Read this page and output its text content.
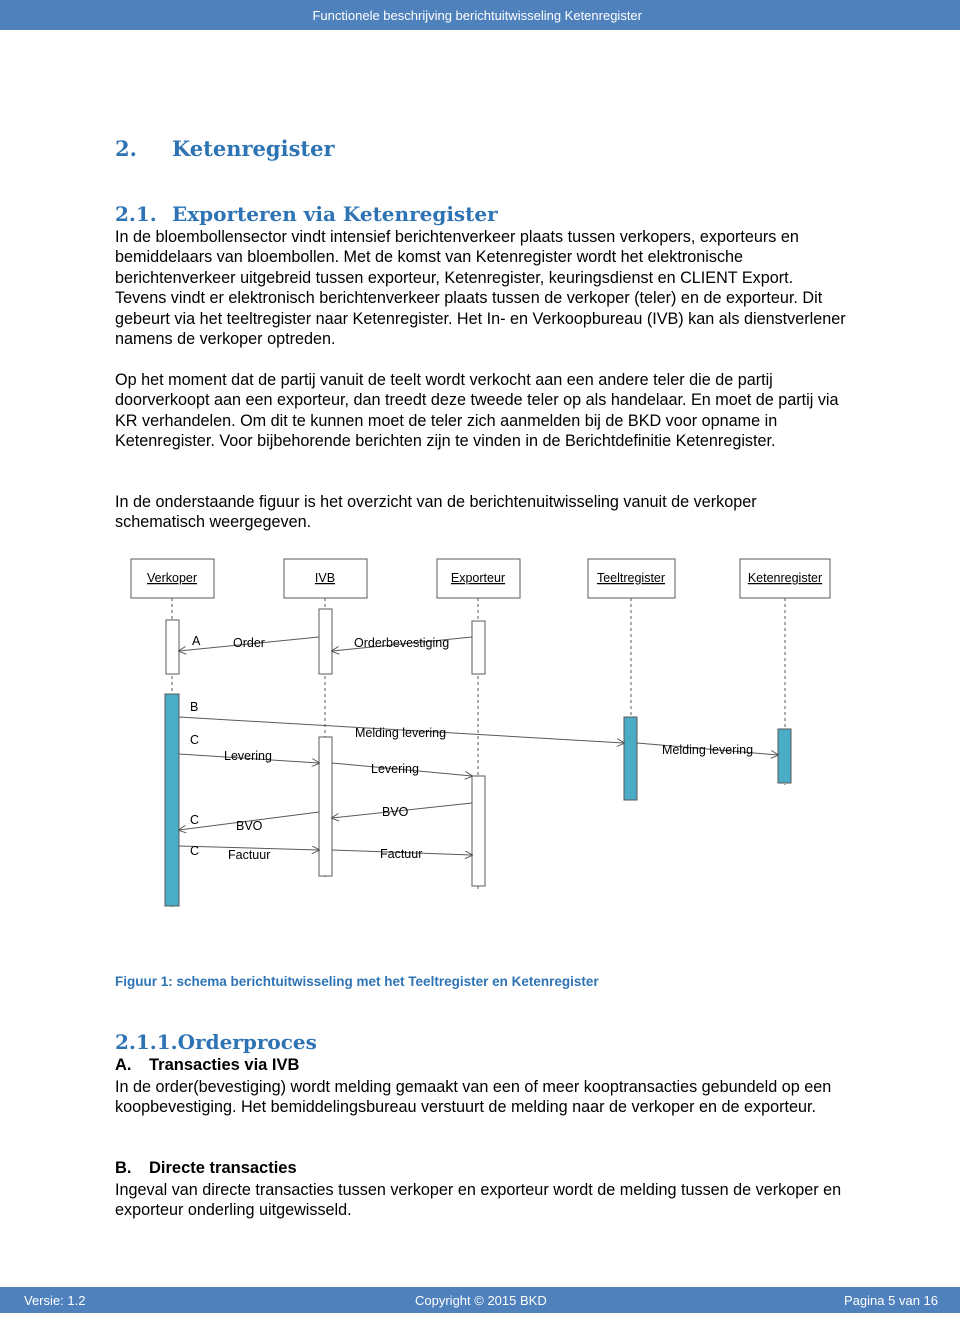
Functionele beschrijving berichtuitwisseling Ketenregister
2. Ketenregister
2.1. Exporteren via Ketenregister

In de bloembollensector vindt intensief berichtenverkeer plaats tussen verkopers, exporteurs en bemiddelaars van bloembollen. Met de komst van Ketenregister wordt het elektronische berichtenverkeer uitgebreid tussen exporteur, Ketenregister, keuringsdienst en CLIENT Export. Tevens vindt er elektronisch berichtenverkeer plaats tussen de verkoper (teler) en de exporteur. Dit gebeurt via het teeltregister naar Ketenregister. Het In- en Verkoopbureau (IVB) kan als dienstverlener namens de verkoper optreden.

Op het moment dat de partij vanuit de teelt wordt verkocht aan een andere teler die de partij doorverkoopt aan een exporteur, dan treedt deze tweede teler op als handelaar. En moet de partij via KR verhandelen. Om dit te kunnen moet de teler zich aanmelden bij de BKD voor opname in Ketenregister. Voor bijbehorende berichten zijn te vinden in de Berichtdefinitie Ketenregister.

In de onderstaande figuur is het overzicht van de berichtenuitwisseling vanuit de verkoper schematisch weergegeven.

Verkoper	IVB	Exporteur	Teeltregister	Ketenregister
A
B
C
C
C
Order	Orderbevestiging
Melding levering
Melding levering
Levering
Levering
BVO
BVO
Factuur	Factuur
Figuur 1: schema berichtuitwisseling met het Teeltregister en Ketenregister
2.1.1.Orderproces
A. Transacties via IVB

In de order(bevestiging) wordt melding gemaakt van een of meer kooptransacties gebundeld op een koopbevestiging. Het bemiddelingsbureau verstuurt de melding naar de verkoper en de exporteur.

B. Directe transacties

Ingeval van directe transacties tussen verkoper en exporteur wordt de melding tussen de verkoper en exporteur onderling uitgewisseld.

Versie: 1.2	Copyright © 2015 BKD	Pagina 5 van 16
